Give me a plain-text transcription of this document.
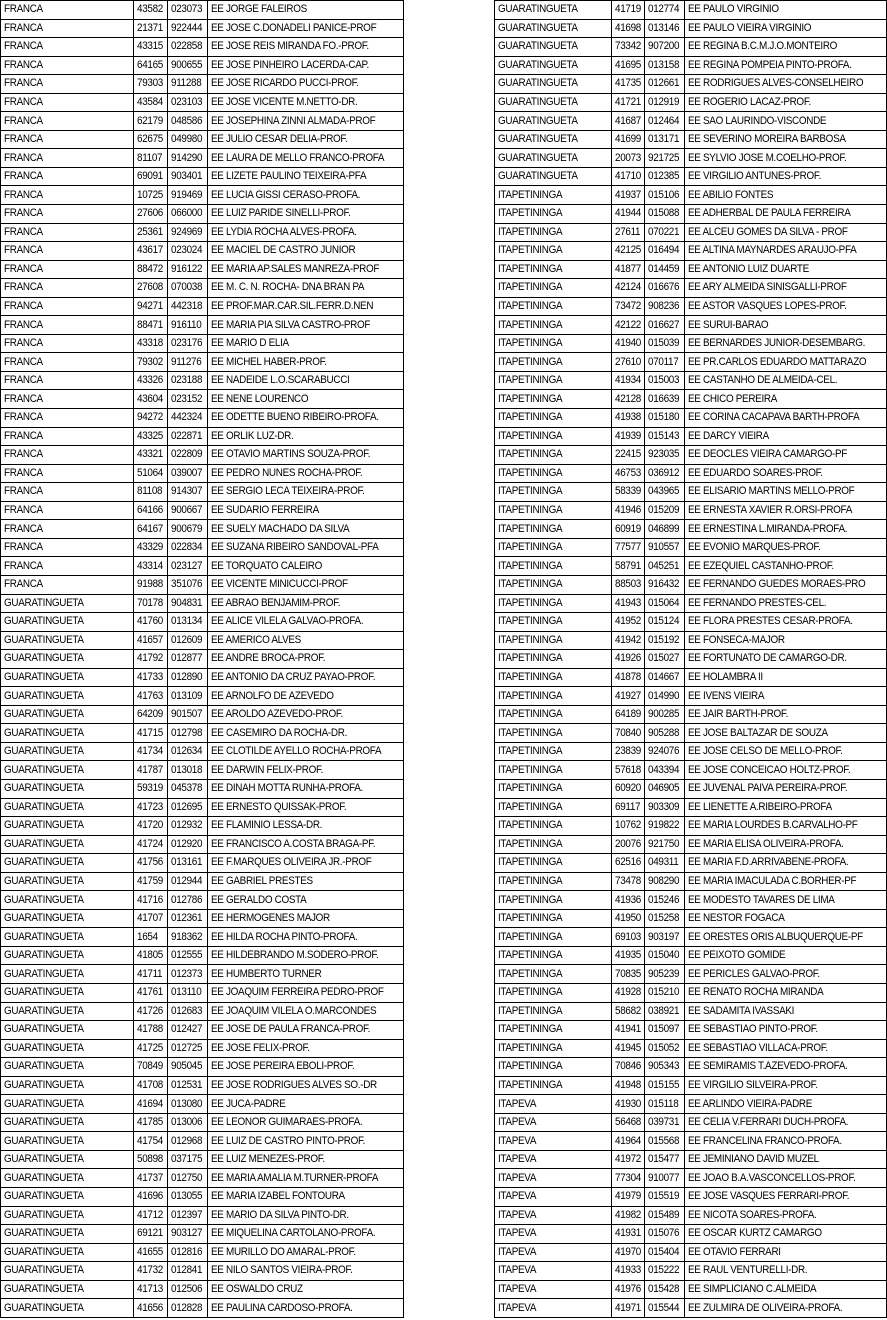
FRANCA	43582	023073	EE JORGE FALEIROS
FRANCA	21371	922444	EE JOSE C.DONADELI PANICE-PROF
FRANCA	43315	022858	EE JOSE REIS MIRANDA FO.-PROF.
FRANCA	64165	900655	EE JOSE PINHEIRO LACERDA-CAP.
FRANCA	79303	911288	EE JOSE RICARDO PUCCI-PROF.
FRANCA	43584	023103	EE JOSE VICENTE M.NETTO-DR.
FRANCA	62179	048586	EE JOSEPHINA ZINNI ALMADA-PROF
FRANCA	62675	049980	EE JULIO CESAR DELIA-PROF.
FRANCA	81107	914290	EE LAURA DE MELLO FRANCO-PROFA
FRANCA	69091	903401	EE LIZETE PAULINO TEIXEIRA-PFA
FRANCA	10725	919469	EE LUCIA GISSI CERASO-PROFA.
FRANCA	27606	066000	EE LUIZ PARIDE SINELLI-PROF.
FRANCA	25361	924969	EE LYDIA ROCHA ALVES-PROFA.
FRANCA	43617	023024	EE MACIEL DE CASTRO JUNIOR
FRANCA	88472	916122	EE MARIA AP.SALES MANREZA-PROF
FRANCA	27608	070038	EE M. C. N. ROCHA- DNA BRAN PA
FRANCA	94271	442318	EE PROF.MAR.CAR.SIL.FERR.D.NEN
FRANCA	88471	916110	EE MARIA PIA SILVA CASTRO-PROF
FRANCA	43318	023176	EE MARIO D ELIA
FRANCA	79302	911276	EE MICHEL HABER-PROF.
FRANCA	43326	023188	EE NADEIDE L.O.SCARABUCCI
FRANCA	43604	023152	EE NENE LOURENCO
FRANCA	94272	442324	EE ODETTE BUENO RIBEIRO-PROFA.
FRANCA	43325	022871	EE ORLIK LUZ-DR.
FRANCA	43321	022809	EE OTAVIO MARTINS SOUZA-PROF.
FRANCA	51064	039007	EE PEDRO NUNES ROCHA-PROF.
FRANCA	81108	914307	EE SERGIO LECA TEIXEIRA-PROF.
FRANCA	64166	900667	EE SUDARIO FERREIRA
FRANCA	64167	900679	EE SUELY MACHADO DA SILVA
FRANCA	43329	022834	EE SUZANA RIBEIRO SANDOVAL-PFA
FRANCA	43314	023127	EE TORQUATO CALEIRO
FRANCA	91988	351076	EE VICENTE MINICUCCI-PROF
GUARATINGUETA	70178	904831	EE ABRAO BENJAMIM-PROF.
GUARATINGUETA	41760	013134	EE ALICE VILELA GALVAO-PROFA.
GUARATINGUETA	41657	012609	EE AMERICO ALVES
GUARATINGUETA	41792	012877	EE ANDRE BROCA-PROF.
GUARATINGUETA	41733	012890	EE ANTONIO DA CRUZ PAYAO-PROF.
GUARATINGUETA	41763	013109	EE ARNOLFO DE AZEVEDO
GUARATINGUETA	64209	901507	EE AROLDO AZEVEDO-PROF.
GUARATINGUETA	41715	012798	EE CASEMIRO DA ROCHA-DR.
GUARATINGUETA	41734	012634	EE CLOTILDE AYELLO ROCHA-PROFA
GUARATINGUETA	41787	013018	EE DARWIN FELIX-PROF.
GUARATINGUETA	59319	045378	EE DINAH MOTTA RUNHA-PROFA.
GUARATINGUETA	41723	012695	EE ERNESTO QUISSAK-PROF.
GUARATINGUETA	41720	012932	EE FLAMINIO LESSA-DR.
GUARATINGUETA	41724	012920	EE FRANCISCO A.COSTA BRAGA-PF.
GUARATINGUETA	41756	013161	EE F.MARQUES OLIVEIRA JR.-PROF
GUARATINGUETA	41759	012944	EE GABRIEL PRESTES
GUARATINGUETA	41716	012786	EE GERALDO COSTA
GUARATINGUETA	41707	012361	EE HERMOGENES MAJOR
GUARATINGUETA	1654	918362	EE HILDA ROCHA PINTO-PROFA.
GUARATINGUETA	41805	012555	EE HILDEBRANDO M.SODERO-PROF.
GUARATINGUETA	41711	012373	EE HUMBERTO TURNER
GUARATINGUETA	41761	013110	EE JOAQUIM FERREIRA PEDRO-PROF
GUARATINGUETA	41726	012683	EE JOAQUIM VILELA O.MARCONDES
GUARATINGUETA	41788	012427	EE JOSE DE PAULA FRANCA-PROF.
GUARATINGUETA	41725	012725	EE JOSE FELIX-PROF.
GUARATINGUETA	70849	905045	EE JOSE PEREIRA EBOLI-PROF.
GUARATINGUETA	41708	012531	EE JOSE RODRIGUES ALVES SO.-DR
GUARATINGUETA	41694	013080	EE JUCA-PADRE
GUARATINGUETA	41785	013006	EE LEONOR GUIMARAES-PROFA.
GUARATINGUETA	41754	012968	EE LUIZ DE CASTRO PINTO-PROF.
GUARATINGUETA	50898	037175	EE LUIZ MENEZES-PROF.
GUARATINGUETA	41737	012750	EE MARIA AMALIA M.TURNER-PROFA
GUARATINGUETA	41696	013055	EE MARIA IZABEL FONTOURA
GUARATINGUETA	41712	012397	EE MARIO DA SILVA PINTO-DR.
GUARATINGUETA	69121	903127	EE MIQUELINA CARTOLANO-PROFA.
GUARATINGUETA	41655	012816	EE MURILLO DO AMARAL-PROF.
GUARATINGUETA	41732	012841	EE NILO SANTOS VIEIRA-PROF.
GUARATINGUETA	41713	012506	EE OSWALDO CRUZ
GUARATINGUETA	41656	012828	EE PAULINA CARDOSO-PROFA.
GUARATINGUETA	41719	012774	EE PAULO VIRGINIO
GUARATINGUETA	41698	013146	EE PAULO VIEIRA VIRGINIO
GUARATINGUETA	73342	907200	EE REGINA B.C.M.J.O.MONTEIRO
GUARATINGUETA	41695	013158	EE REGINA POMPEIA PINTO-PROFA.
GUARATINGUETA	41735	012661	EE RODRIGUES ALVES-CONSELHEIRO
GUARATINGUETA	41721	012919	EE ROGERIO LACAZ-PROF.
GUARATINGUETA	41687	012464	EE SAO LAURINDO-VISCONDE
GUARATINGUETA	41699	013171	EE SEVERINO MOREIRA BARBOSA
GUARATINGUETA	20073	921725	EE SYLVIO JOSE M.COELHO-PROF.
GUARATINGUETA	41710	012385	EE VIRGILIO ANTUNES-PROF.
ITAPETININGA	41937	015106	EE ABILIO FONTES
ITAPETININGA	41944	015088	EE ADHERBAL DE PAULA FERREIRA
ITAPETININGA	27611	070221	EE ALCEU GOMES DA SILVA - PROF
ITAPETININGA	42125	016494	EE ALTINA MAYNARDES ARAUJO-PFA
ITAPETININGA	41877	014459	EE ANTONIO LUIZ DUARTE
ITAPETININGA	42124	016676	EE ARY ALMEIDA SINISGALLI-PROF
ITAPETININGA	73472	908236	EE ASTOR VASQUES LOPES-PROF.
ITAPETININGA	42122	016627	EE SURUI-BARAO
ITAPETININGA	41940	015039	EE BERNARDES JUNIOR-DESEMBARG.
ITAPETININGA	27610	070117	EE PR.CARLOS EDUARDO MATTARAZO
ITAPETININGA	41934	015003	EE CASTANHO DE ALMEIDA-CEL.
ITAPETININGA	42128	016639	EE CHICO PEREIRA
ITAPETININGA	41938	015180	EE CORINA CACAPAVA BARTH-PROFA
ITAPETININGA	41939	015143	EE DARCY VIEIRA
ITAPETININGA	22415	923035	EE DEOCLES VIEIRA CAMARGO-PF
ITAPETININGA	46753	036912	EE EDUARDO SOARES-PROF.
ITAPETININGA	58339	043965	EE ELISARIO MARTINS MELLO-PROF
ITAPETININGA	41946	015209	EE ERNESTA XAVIER R.ORSI-PROFA
ITAPETININGA	60919	046899	EE ERNESTINA L.MIRANDA-PROFA.
ITAPETININGA	77577	910557	EE EVONIO MARQUES-PROF.
ITAPETININGA	58791	045251	EE EZEQUIEL CASTANHO-PROF.
ITAPETININGA	88503	916432	EE FERNANDO GUEDES MORAES-PRO
ITAPETININGA	41943	015064	EE FERNANDO PRESTES-CEL.
ITAPETININGA	41952	015124	EE FLORA PRESTES CESAR-PROFA.
ITAPETININGA	41942	015192	EE FONSECA-MAJOR
ITAPETININGA	41926	015027	EE FORTUNATO DE CAMARGO-DR.
ITAPETININGA	41878	014667	EE HOLAMBRA II
ITAPETININGA	41927	014990	EE IVENS VIEIRA
ITAPETININGA	64189	900285	EE JAIR BARTH-PROF.
ITAPETININGA	70840	905288	EE JOSE BALTAZAR DE SOUZA
ITAPETININGA	23839	924076	EE JOSE CELSO DE MELLO-PROF.
ITAPETININGA	57618	043394	EE JOSE CONCEICAO HOLTZ-PROF.
ITAPETININGA	60920	046905	EE JUVENAL PAIVA PEREIRA-PROF.
ITAPETININGA	69117	903309	EE LIENETTE A.RIBEIRO-PROFA
ITAPETININGA	10762	919822	EE MARIA LOURDES B.CARVALHO-PF
ITAPETININGA	20076	921750	EE MARIA ELISA OLIVEIRA-PROFA.
ITAPETININGA	62516	049311	EE MARIA F.D.ARRIVABENE-PROFA.
ITAPETININGA	73478	908290	EE MARIA IMACULADA C.BORHER-PF
ITAPETININGA	41936	015246	EE MODESTO TAVARES DE LIMA
ITAPETININGA	41950	015258	EE NESTOR FOGACA
ITAPETININGA	69103	903197	EE ORESTES ORIS ALBUQUERQUE-PF
ITAPETININGA	41935	015040	EE PEIXOTO GOMIDE
ITAPETININGA	70835	905239	EE PERICLES GALVAO-PROF.
ITAPETININGA	41928	015210	EE RENATO ROCHA MIRANDA
ITAPETININGA	58682	038921	EE SADAMITA IVASSAKI
ITAPETININGA	41941	015097	EE SEBASTIAO PINTO-PROF.
ITAPETININGA	41945	015052	EE SEBASTIAO VILLACA-PROF.
ITAPETININGA	70846	905343	EE SEMIRAMIS T.AZEVEDO-PROFA.
ITAPETININGA	41948	015155	EE VIRGILIO SILVEIRA-PROF.
ITAPEVA	41930	015118	EE ARLINDO VIEIRA-PADRE
ITAPEVA	56468	039731	EE CELIA V.FERRARI DUCH-PROFA.
ITAPEVA	41964	015568	EE FRANCELINA FRANCO-PROFA.
ITAPEVA	41972	015477	EE JEMINIANO DAVID MUZEL
ITAPEVA	77304	910077	EE JOAO B.A.VASCONCELLOS-PROF.
ITAPEVA	41979	015519	EE JOSE VASQUES FERRARI-PROF.
ITAPEVA	41982	015489	EE NICOTA SOARES-PROFA.
ITAPEVA	41931	015076	EE OSCAR KURTZ CAMARGO
ITAPEVA	41970	015404	EE OTAVIO FERRARI
ITAPEVA	41933	015222	EE RAUL VENTURELLI-DR.
ITAPEVA	41976	015428	EE SIMPLICIANO C.ALMEIDA
ITAPEVA	41971	015544	EE ZULMIRA DE OLIVEIRA-PROFA.
